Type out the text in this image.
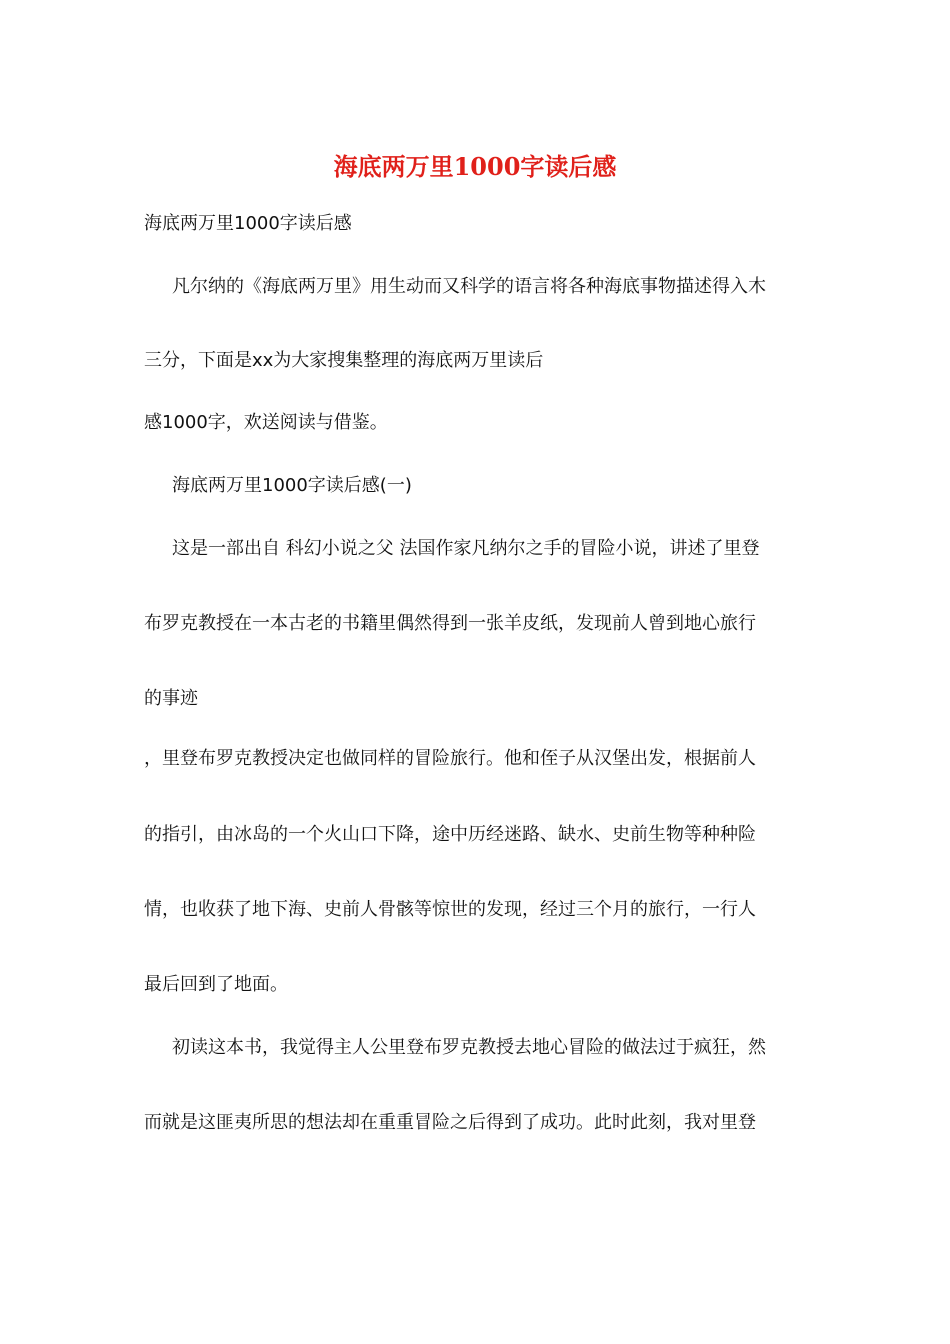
海底两万里1000字读后感
海底两万里1000字读后感
凡尔纳的《海底两万里》用生动而又科学的语言将各种海底事物描述得入木
三分，下面是xx为大家搜集整理的海底两万里读后
感1000字，欢送阅读与借鉴。
海底两万里1000字读后感(一)
这是一部出自 科幻小说之父 法国作家凡纳尔之手的冒险小说，讲述了里登
布罗克教授在一本古老的书籍里偶然得到一张羊皮纸，发现前人曾到地心旅行
的事迹
，里登布罗克教授决定也做同样的冒险旅行。他和侄子从汉堡出发，根据前人
的指引，由冰岛的一个火山口下降，途中历经迷路、缺水、史前生物等种种险
情，也收获了地下海、史前人骨骸等惊世的发现，经过三个月的旅行，一行人
最后回到了地面。
初读这本书，我觉得主人公里登布罗克教授去地心冒险的做法过于疯狂，然
而就是这匪夷所思的想法却在重重冒险之后得到了成功。此时此刻，我对里登
